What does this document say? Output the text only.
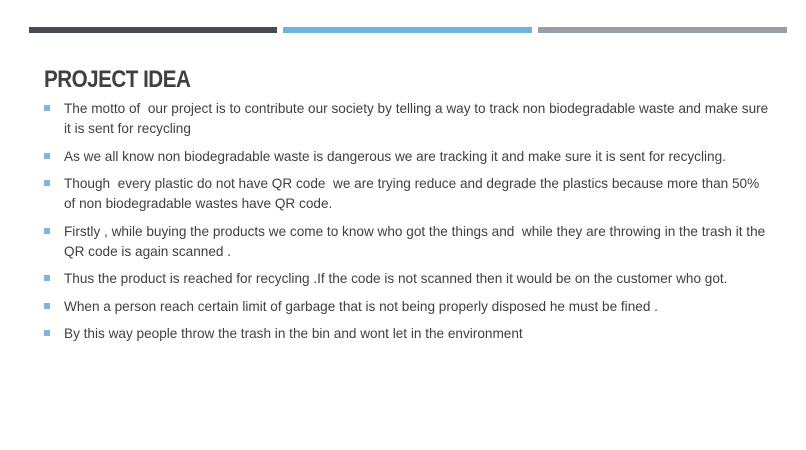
PROJECT IDEA
The motto of  our project is to contribute our society by telling a way to track non biodegradable waste and make sure it is sent for recycling
As we all know non biodegradable waste is dangerous we are tracking it and make sure it is sent for recycling.
Though  every plastic do not have QR code  we are trying reduce and degrade the plastics because more than 50% of non biodegradable wastes have QR code.
Firstly , while buying the products we come to know who got the things and  while they are throwing in the trash it the QR code is again scanned .
Thus the product is reached for recycling .If the code is not scanned then it would be on the customer who got.
When a person reach certain limit of garbage that is not being properly disposed he must be fined .
By this way people throw the trash in the bin and wont let in the environment
